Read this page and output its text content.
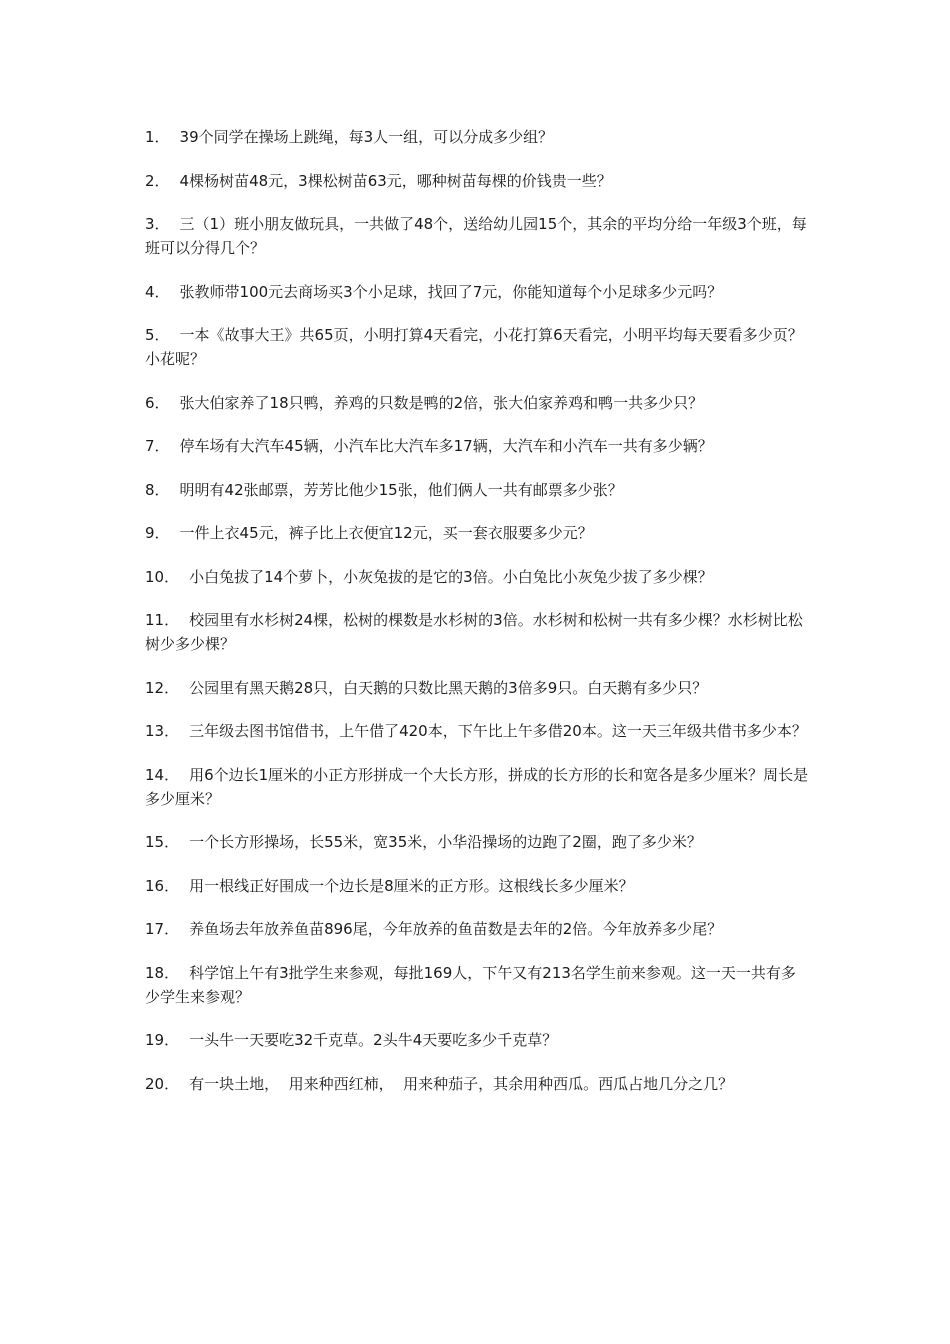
1． 39个同学在操场上跳绳，每3人一组，可以分成多少组？

2． 4棵杨树苗48元，3棵松树苗63元，哪种树苗每棵的价钱贵一些？

3． 三（1）班小朋友做玩具，一共做了48个，送给幼儿园15个，其余的平均分给一年级3个班，每班可以分得几个？

4． 张教师带100元去商场买3个小足球，找回了7元，你能知道每个小足球多少元吗？

5． 一本《故事大王》共65页，小明打算4天看完，小花打算6天看完，小明平均每天要看多少页？小花呢？

6． 张大伯家养了18只鸭，养鸡的只数是鸭的2倍，张大伯家养鸡和鸭一共多少只？

7． 停车场有大汽车45辆，小汽车比大汽车多17辆，大汽车和小汽车一共有多少辆？

8． 明明有42张邮票，芳芳比他少15张，他们俩人一共有邮票多少张？

9． 一件上衣45元，裤子比上衣便宜12元，买一套衣服要多少元？

10． 小白兔拔了14个萝卜，小灰兔拔的是它的3倍。小白兔比小灰兔少拔了多少棵？

11． 校园里有水杉树24棵，松树的棵数是水杉树的3倍。水杉树和松树一共有多少棵？水杉树比松树少多少棵？

12． 公园里有黑天鹅28只，白天鹅的只数比黑天鹅的3倍多9只。白天鹅有多少只？

13． 三年级去图书馆借书，上午借了420本，下午比上午多借20本。这一天三年级共借书多少本？

14． 用6个边长1厘米的小正方形拼成一个大长方形，拼成的长方形的长和宽各是多少厘米？周长是多少厘米？

15． 一个长方形操场，长55米，宽35米，小华沿操场的边跑了2圈，跑了多少米？

16． 用一根线正好围成一个边长是8厘米的正方形。这根线长多少厘米？

17． 养鱼场去年放养鱼苗896尾，今年放养的鱼苗数是去年的2倍。今年放养多少尾？

18． 科学馆上午有3批学生来参观，每批169人，下午又有213名学生前来参观。这一天一共有多少学生来参观？

19． 一头牛一天要吃32千克草。2头牛4天要吃多少千克草？

20． 有一块土地，  用来种西红柿，  用来种茄子，其余用种西瓜。西瓜占地几分之几？
